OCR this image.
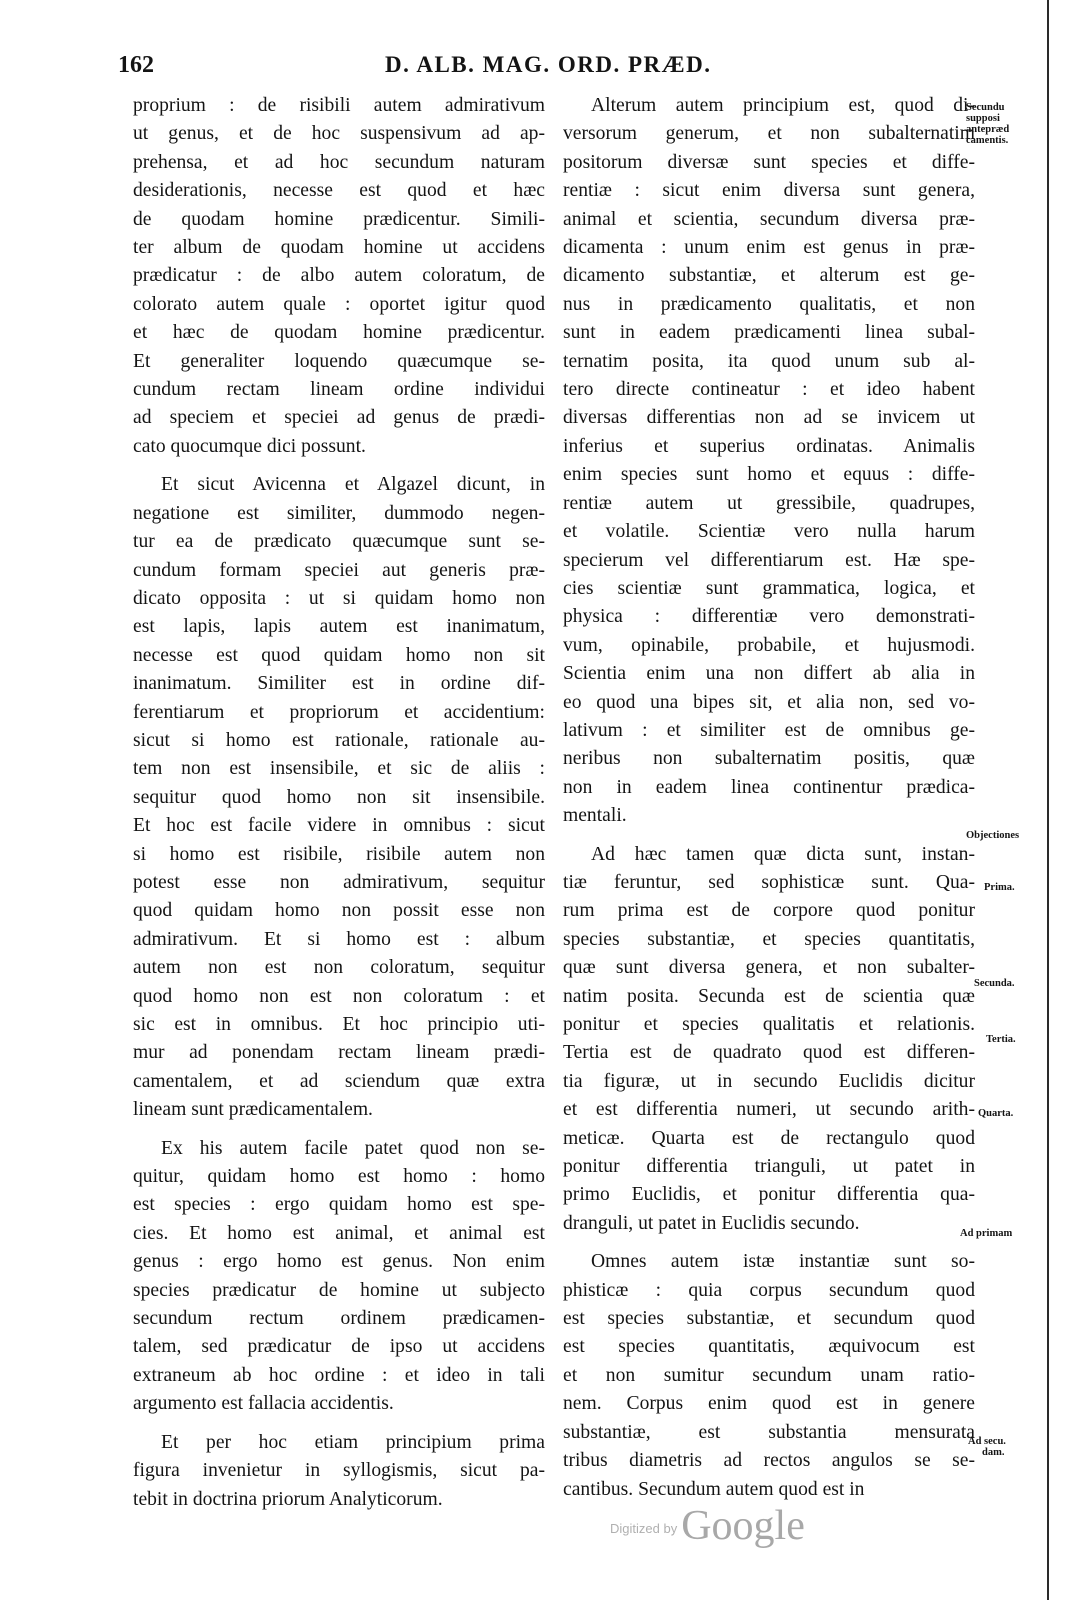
162	D. ALB. MAG. ORD. PRÆD.
proprium : de risibili autem admirativum
ut genus, et de hoc suspensivum ad ap-
prehensa, et ad hoc secundum naturam
desiderationis, necesse est quod et hæc
de quodam homine prædicentur. Simili-
ter album de quodam homine ut accidens
prædicatur : de albo autem coloratum, de
colorato autem quale : oportet igitur quod
et hæc de quodam homine prædicentur.
Et generaliter loquendo quæcumque se-
cundum rectam lineam ordine individui
ad speciem et speciei ad genus de prædi-
cato quocumque dici possunt.
Et sicut Avicenna et Algazel dicunt, in
negatione est similiter, dummodo negen-
tur ea de prædicato quæcumque sunt se-
cundum formam speciei aut generis præ-
dicato opposita : ut si quidam homo non
est lapis, lapis autem est inanimatum,
necesse est quod quidam homo non sit
inanimatum. Similiter est in ordine dif-
ferentiarum et propriorum et accidentium:
sicut si homo est rationale, rationale au-
tem non est insensibile, et sic de aliis :
sequitur quod homo non sit insensibile.
Et hoc est facile videre in omnibus : sicut
si homo est risibile, risibile autem non
potest esse non admirativum, sequitur
quod quidam homo non possit esse non
admirativum. Et si homo est : album
autem non est non coloratum, sequitur
quod homo non est non coloratum : et
sic est in omnibus. Et hoc principio uti-
mur ad ponendam rectam lineam prædi-
camentalem, et ad sciendum quæ extra
lineam sunt prædicamentalem.
Ex his autem facile patet quod non se-
quitur, quidam homo est homo : homo
est species : ergo quidam homo est spe-
cies. Et homo est animal, et animal est
genus : ergo homo est genus. Non enim
species prædicatur de homine ut subjecto
secundum rectum ordinem prædicamen-
talem, sed prædicatur de ipso ut accidens
extraneum ab hoc ordine : et ideo in tali
argumento est fallacia accidentis.
Et per hoc etiam principium prima
figura invenietur in syllogismis, sicut pa-
tebit in doctrina priorum Analyticorum.
Alterum autem principium est, quod di-
versorum generum, et non subalternatim
positorum diversæ sunt species et diffe-
rentiæ : sicut enim diversa sunt genera,
animal et scientia, secundum diversa præ-
dicamenta : unum enim est genus in præ-
dicamento substantiæ, et alterum est ge-
nus in prædicamento qualitatis, et non
sunt in eadem prædicamenti linea subal-
ternatim posita, ita quod unum sub al-
tero directe contineatur : et ideo habent
diversas differentias non ad se invicem ut
inferius et superius ordinatas. Animalis
enim species sunt homo et equus : diffe-
rentiæ autem ut gressibile, quadrupes,
et volatile. Scientiæ vero nulla harum
specierum vel differentiarum est. Hæ spe-
cies scientiæ sunt grammatica, logica, et
physica : differentiæ vero demonstrati-
vum, opinabile, probabile, et hujusmodi.
Scientia enim una non differt ab alia in
eo quod una bipes sit, et alia non, sed vo-
lativum : et similiter est de omnibus ge-
neribus non subalternatim positis, quæ
non in eadem linea continentur prædica-
mentali.
Ad hæc tamen quæ dicta sunt, instan-
tiæ feruntur, sed sophisticæ sunt. Qua-
rum prima est de corpore quod ponitur
species substantiæ, et species quantitatis,
quæ sunt diversa genera, et non subalter-
natim posita. Secunda est de scientia quæ
ponitur et species qualitatis et relationis.
Tertia est de quadrato quod est differen-
tia figuræ, ut in secundo Euclidis dicitur
et est differentia numeri, ut secundo arith-
meticæ. Quarta est de rectangulo quod
ponitur differentia trianguli, ut patet in
primo Euclidis, et ponitur differentia qua-
dranguli, ut patet in Euclidis secundo.
Omnes autem istæ instantiæ sunt so-
phisticæ : quia corpus secundum quod
est species substantiæ, et secundum quod
est species quantitatis, æquivocum est
et non sumitur secundum unam ratio-
nem. Corpus enim quod est in genere
substantiæ, est substantia mensurata
tribus diametris ad rectos angulos se se-
cantibus. Secundum autem quod est in
Secundu
supposi
antepræd
camentis.
Objectiones
Prima.
Secunda.
Tertia.
Quarta.
Ad primam
Ad secu.
dam.
$^{Digitized by}$Google
